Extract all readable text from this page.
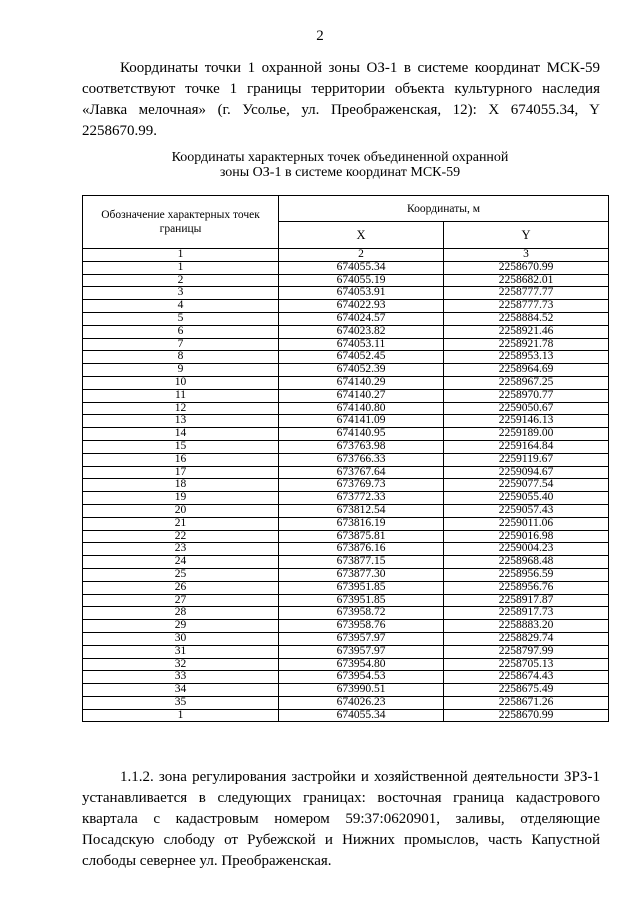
2

Координаты точки 1 охранной зоны ОЗ-1 в системе координат МСК-59 соответствуют точке 1 границы территории объекта культурного наследия «Лавка мелочная» (г. Усолье, ул. Преображенская, 12): X 674055.34, Y 2258670.99.

Координаты характерных точек объединенной охранной
зоны ОЗ-1 в системе координат МСК-59
Обозначение характерных точек границы	Координаты, м	
	X	Y
1	2	3
1	674055.34	2258670.99
2	674055.19	2258682.01
3	674053.91	2258777.77
4	674022.93	2258777.73
5	674024.57	2258884.52
6	674023.82	2258921.46
7	674053.11	2258921.78
8	674052.45	2258953.13
9	674052.39	2258964.69
10	674140.29	2258967.25
11	674140.27	2258970.77
12	674140.80	2259050.67
13	674141.09	2259146.13
14	674140.95	2259189.00
15	673763.98	2259164.84
16	673766.33	2259119.67
17	673767.64	2259094.67
18	673769.73	2259077.54
19	673772.33	2259055.40
20	673812.54	2259057.43
21	673816.19	2259011.06
22	673875.81	2259016.98
23	673876.16	2259004.23
24	673877.15	2258968.48
25	673877.30	2258956.59
26	673951.85	2258956.76
27	673951.85	2258917.87
28	673958.72	2258917.73
29	673958.76	2258883.20
30	673957.97	2258829.74
31	673957.97	2258797.99
32	673954.80	2258705.13
33	673954.53	2258674.43
34	673990.51	2258675.49
35	674026.23	2258671.26
1	674055.34	2258670.99

1.1.2. зона регулирования застройки и хозяйственной деятельности ЗРЗ-1 устанавливается в следующих границах: восточная граница кадастрового квартала с кадастровым номером 59:37:0620901, заливы, отделяющие Посадскую слободу от Рубежской и Нижних промыслов, часть Капустной слободы севернее ул. Преображенская.
